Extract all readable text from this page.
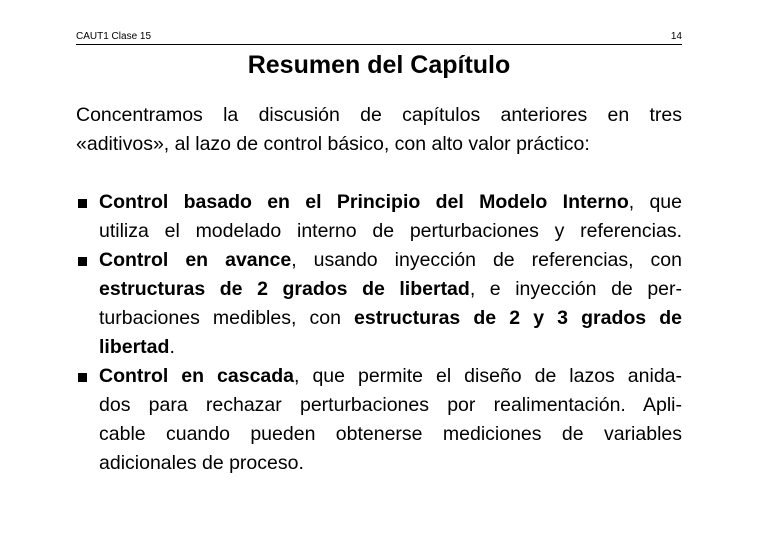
CAUT1 Clase 15	14
Resumen del Capítulo
Concentramos la discusión de capítulos anteriores en tres
«aditivos», al lazo de control básico, con alto valor práctico:
Control basado en el Principio del Modelo Interno, que
utiliza el modelado interno de perturbaciones y referencias.
Control en avance, usando inyección de referencias, con
estructuras de 2 grados de libertad, e inyección de per-
turbaciones medibles, con estructuras de 2 y 3 grados de
libertad.
Control en cascada, que permite el diseño de lazos anida-
dos para rechazar perturbaciones por realimentación. Apli-
cable cuando pueden obtenerse mediciones de variables
adicionales de proceso.
